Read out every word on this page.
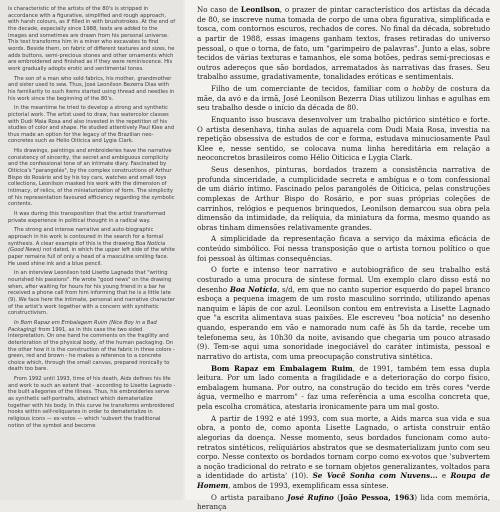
is characteristic of the artists of the 80's is stripped in accordance with a figurative, simplified and rough approach, with harsh colours, as if filled in with brushstrokes. At the end of the decade, especially since 1988, texts are added to the images and sometimes are drawn from his personal universe. This text transforms him in a miner who excavates to find words. Beside them, on fabric of different textures and sizes, he adds buttons, semi-precious stones and other ornaments which are embroidered and finished as if they were reminiscence. His work gradually adopts erotic and sentimental tones.

The son of a man who sold fabrics, his mother, grandmother and sister used to sew. Thus, José Leonilson Bezerra Dias with his familiarity to such items started using thread and needles in his work since the beginning of the 80's.

In the meantime he tried to develop a strong and synthetic pictorial work. The artist used to draw, has watercolor classes with Dudi Maia Rosa and also invested in the repetition of his studies of color and shape. He studied attentively Paul Klee and thus made an option for the legacy of the Brazilian neo-concretes such as Hélio Oiticica and Lygia Clark.

His drawings, paintings and embroideries have the narrative consistency of sincerity, the secret and ambiguous complicity and the confessional tone of an intimate diary. Fascinated by Oiticica's "parangolés", by the complex constructions of Arthur Bispo do Rosário and by his toy cars, watches and small toys collections, Leonilson masked his work with the dimension of intimacy, of relics, of the miniaturization of form. The simplicity of his representation favoured efficiency regarding the symbolic contents.

It was during this transposition that the artist transformed private experience in political thought in a radical way.

The strong and intense narrative and auto-biographic approach in his work is contoured in the search for a formal synthesis. A clear example of this is the drawing Boa Notícia (Good News) not dated, in which the upper left side of the white paper remains full of only a head of a masculine smiling face. He used shine ink and a blue pencil.

In an interview Leonilson told Lisette Lagnado that "writing nourished his passions". He wrote "good news" on the drawing when, after waiting for hours for his young friend in a bar he received a phone call from him informing that he is a little late (9). We face here the intimate, personal and narrative character of the artist's work together with a concern with synthetic constructivism.

In Bom Rapaz em Embalagem Ruim (Nice Boy in a Bad Packaging) from 1991, as in this case the two sided interpretation. On one hand he comments on the fragility and deterioration of the physical body, of the human packaging. On the other how it is the construction of the fabric in three colors - green, red and brown - he makes a reference to a concrete choice which, through the small canvas, prepared ironically to death too bare.

From 1992 until 1993, time of his death, Aids defines his life and work to such an extent that - according to Lisette Lagnado - the built allegories of the illness. Thus, his embroideries serve as synthetic self-portraits, abstract which dematerialize together with his body. In this curve he transforms embroidered hooks within self-reliquaries in order to dematerialize in religious icons — ex-votos — which 'subvert the traditional notion of the symbol and become

No caso de Leonilson, o prazer de pintar característico dos artistas da década de 80, se inscreve numa tomada de corpo de uma obra figurativa, simplificada e tosca, com contornos escuros, rechados de cores. No final da década, sobretudo a partir de 1988, essas imagens ganham textos, frases retiradas do universo pessoal, o que o torna, de fato, um "garimpeiro de palavras". Junto a elas, sobre tecidos de várias texturas e tamanhos, ele soma botões, pedras semi-preciosas e outros adereços que são bordados, arrematados às narrativas das frases. Seu trabalho assume, gradativamente, tonalidades eróticas e sentimentais.

Filho de um comerciante de tecidos, familiar com o hobby de costura da mãe, da avó e da irmã, José Leonilson Bezerra Dias utilizou linhas e agulhas em seu trabalho desde o início da década de 80.

Enquanto isso buscava desenvolver um trabalho pictórico sintético e forte. O artista desenhava, tinha aulas de aquarela com Dudi Maia Rosa, investia na repetição obsessiva de estudos de cor e forma, estudava minuciosamente Paul Klee e, nesse sentido, se colocava numa linha hereditária em relação a neoconcretos brasileiros como Hélio Oiticica e Lygia Clark.

Seus desenhos, pinturas, bordados trazem a consistência narrativa de profunda sinceridade, a cumplicidade secreta e ambígua e o tom confessional de um diário íntimo. Fascinado pelos parangolés de Oiticica, pelas construções complexas de Arthur Bispo do Rosário, e por suas próprias coleções de carrinhos, relógios e pequenos brinquedos, Leonilson demarcou sua obra pela dimensão da intimidade, da relíquia, da miniatura da forma, mesmo quando as obras tinham dimensões relativamente grandes.

A simplicidade da representação ficava a serviço da máxima eficácia de conteúdo simbólico. Foi nessa transposição que o artista tornou político o que foi pessoal às últimas consequências.

O forte e intenso teor narrativo e autobiográfico de seu trabalho está costurado a uma procura de síntese formal. Um exemplo claro disso está no desenho Boa Notícia, s/d, em que no canto superior esquerdo do papel branco esboça a pequena imagem de um rosto masculino sorrindo, utilizando apenas nanquim e lápis de cor azul. Leonilson contou em entrevista a Lisette Lagnado que "a escrita alimentava suas paixões. Ele escreveu "boa notícia" no desenho quando, esperando em vão e namorado num café às 5h da tarde, recebe um telefonema seu, às 10h30 da noite, avisando que chegaria um pouco atrasado (9). Tem-se aqui uma sonoridade inegociável do caráter intimista, pessoal e narrativo do artista, com uma preocupação construtiva sintética.

Bom Rapaz em Embalagem Ruim, de 1991, também tem essa dupla leitura. Por um lado comenta a fragilidade e a deterioração do corpo físico, embalagem humana. Por outro, na construção do tecido em três cores "verde água, vermelho e marrom" - faz uma referência a uma escolha concreta que, pela escolha cromática, atestaria ironicamente para um mal gosto.

A partir de 1992 e até 1993, com sua morte, a Aids marca sua vida e sua obra, a ponto de, como aponta Lisette Lagnado, o artista construir então alegorias da doença. Nesse momento, seus bordados funcionam como auto-retratos sintéticos, relíquiários abstratos que se desmaterializam junto com seu corpo. Nesse contexto os bordados tornam corpo como ex-votos que 'subvertem a noção tradicional do retrato e se tornam objetos generalizantes, voltados para a identidade do artista' (10). Se Você Sonha com Nuvens... e Roupa de Homem, ambos de 1993, exemplificam essa síntese.

O artista paraibano José Rufino (João Pessoa, 1963) lida com memória, herança
